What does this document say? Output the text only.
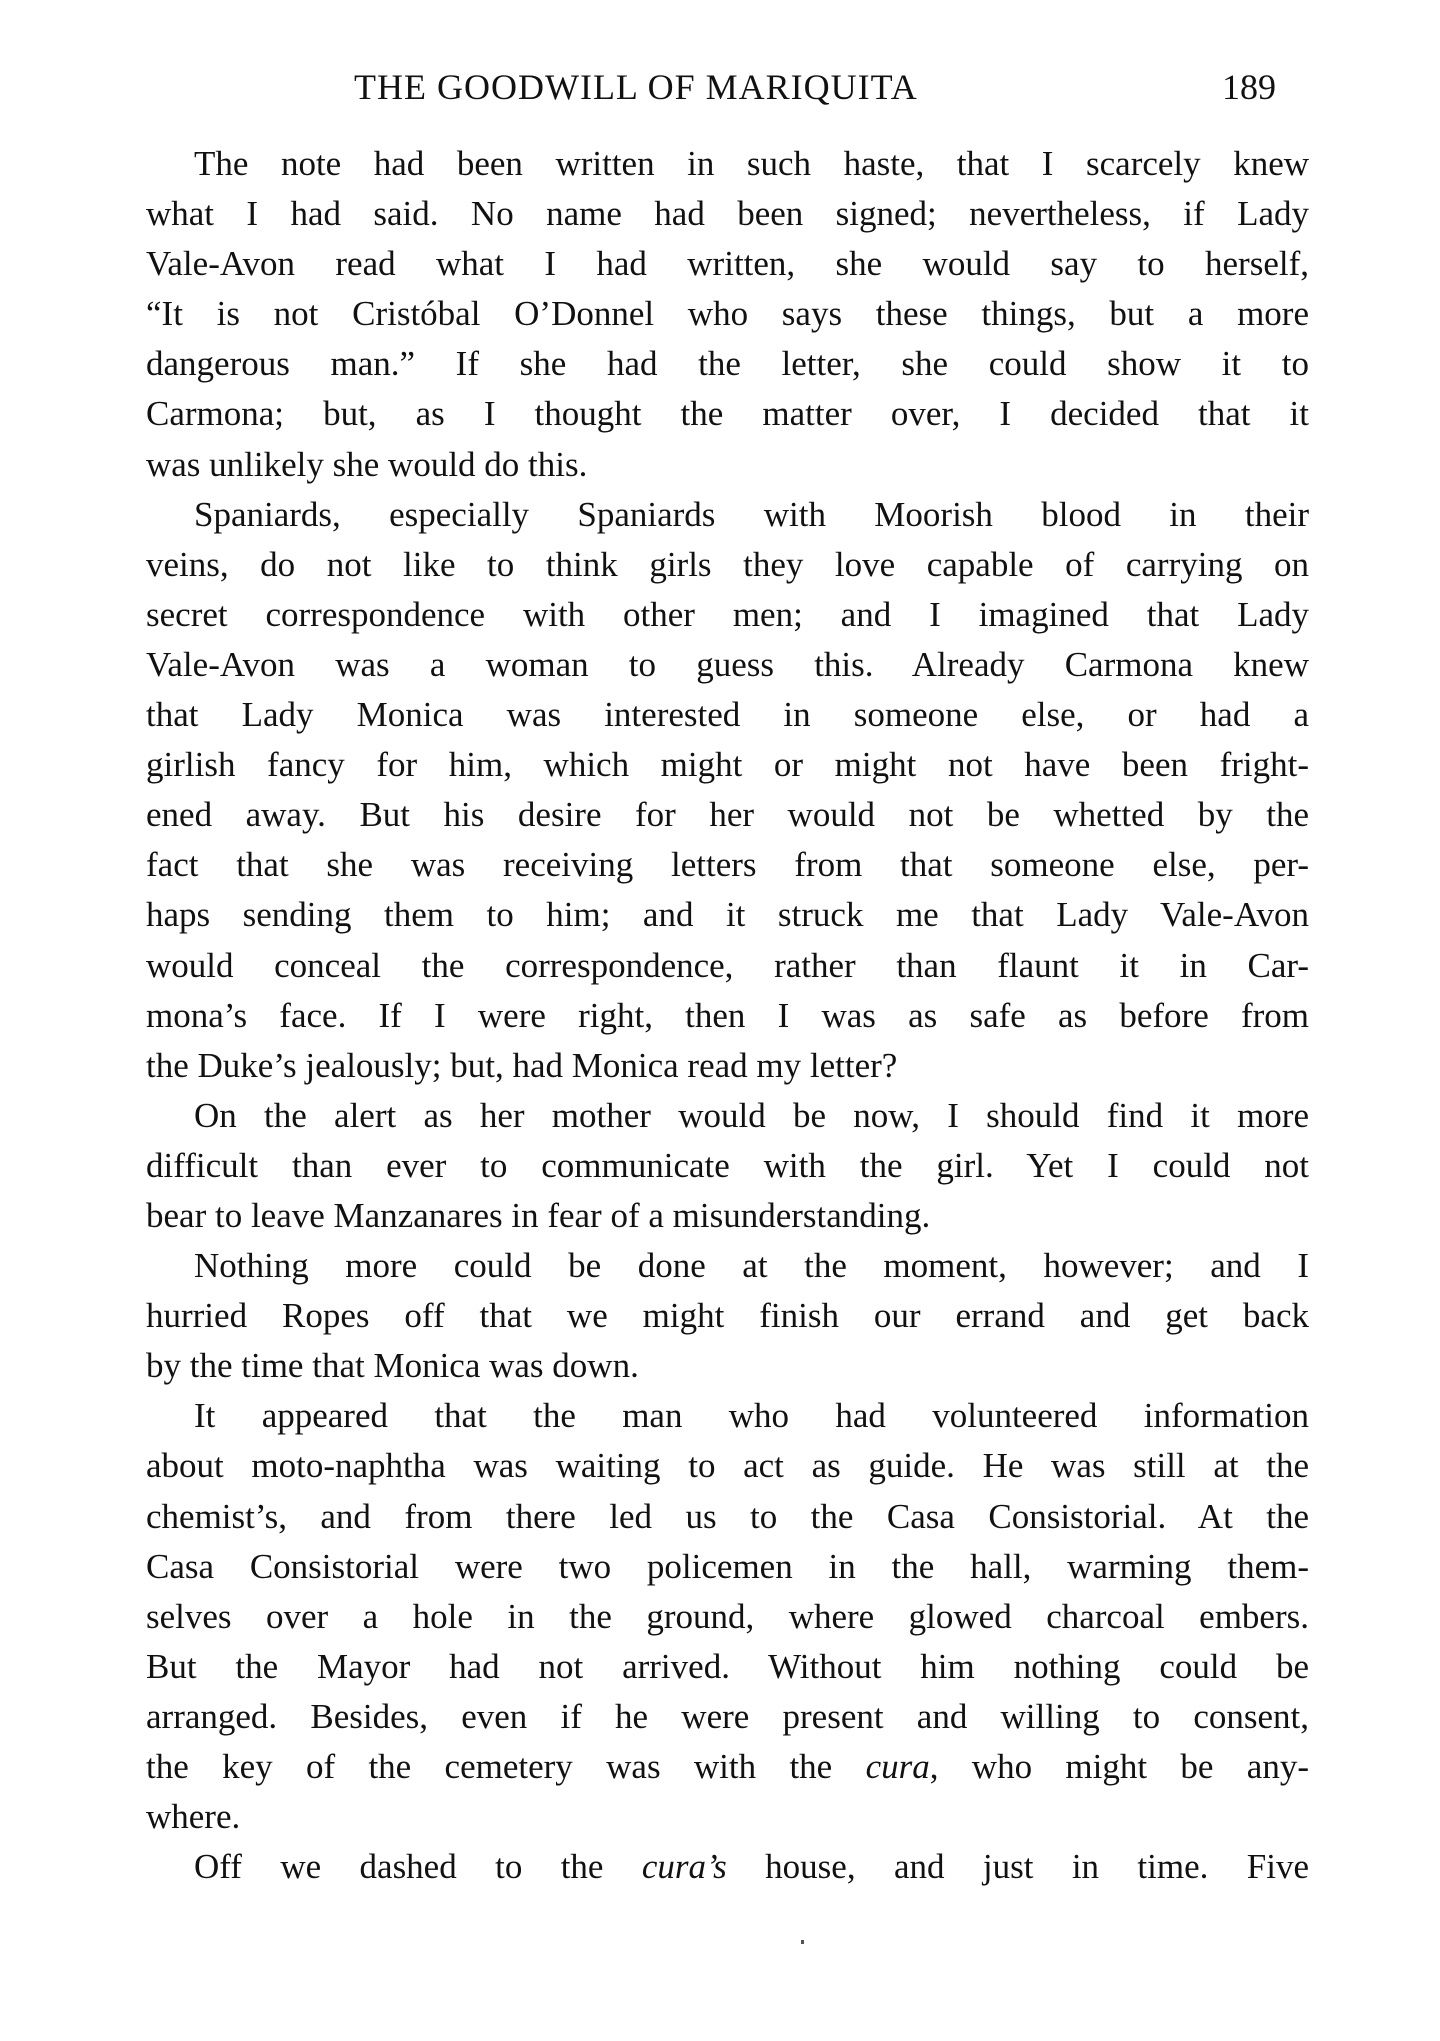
THE GOODWILL OF MARIQUITA	189
The note had been written in such haste, that I scarcely knew
what I had said. No name had been signed; nevertheless, if Lady
Vale-Avon read what I had written, she would say to herself,
“It is not Cristóbal O’Donnel who says these things, but a more
dangerous man.” If she had the letter, she could show it to
Carmona; but, as I thought the matter over, I decided that it
was unlikely she would do this.
Spaniards, especially Spaniards with Moorish blood in their
veins, do not like to think girls they love capable of carrying on
secret correspondence with other men; and I imagined that Lady
Vale-Avon was a woman to guess this. Already Carmona knew
that Lady Monica was interested in someone else, or had a
girlish fancy for him, which might or might not have been fright-
ened away. But his desire for her would not be whetted by the
fact that she was receiving letters from that someone else, per-
haps sending them to him; and it struck me that Lady Vale-Avon
would conceal the correspondence, rather than flaunt it in Car-
mona’s face. If I were right, then I was as safe as before from
the Duke’s jealously; but, had Monica read my letter?
On the alert as her mother would be now, I should find it more
difficult than ever to communicate with the girl. Yet I could not
bear to leave Manzanares in fear of a misunderstanding.
Nothing more could be done at the moment, however; and I
hurried Ropes off that we might finish our errand and get back
by the time that Monica was down.
It appeared that the man who had volunteered information
about moto-naphtha was waiting to act as guide. He was still at the
chemist’s, and from there led us to the Casa Consistorial. At the
Casa Consistorial were two policemen in the hall, warming them-
selves over a hole in the ground, where glowed charcoal embers.
But the Mayor had not arrived. Without him nothing could be
arranged. Besides, even if he were present and willing to consent,
the key of the cemetery was with the cura, who might be any-
where.
Off we dashed to the cura’s house, and just in time. Five
